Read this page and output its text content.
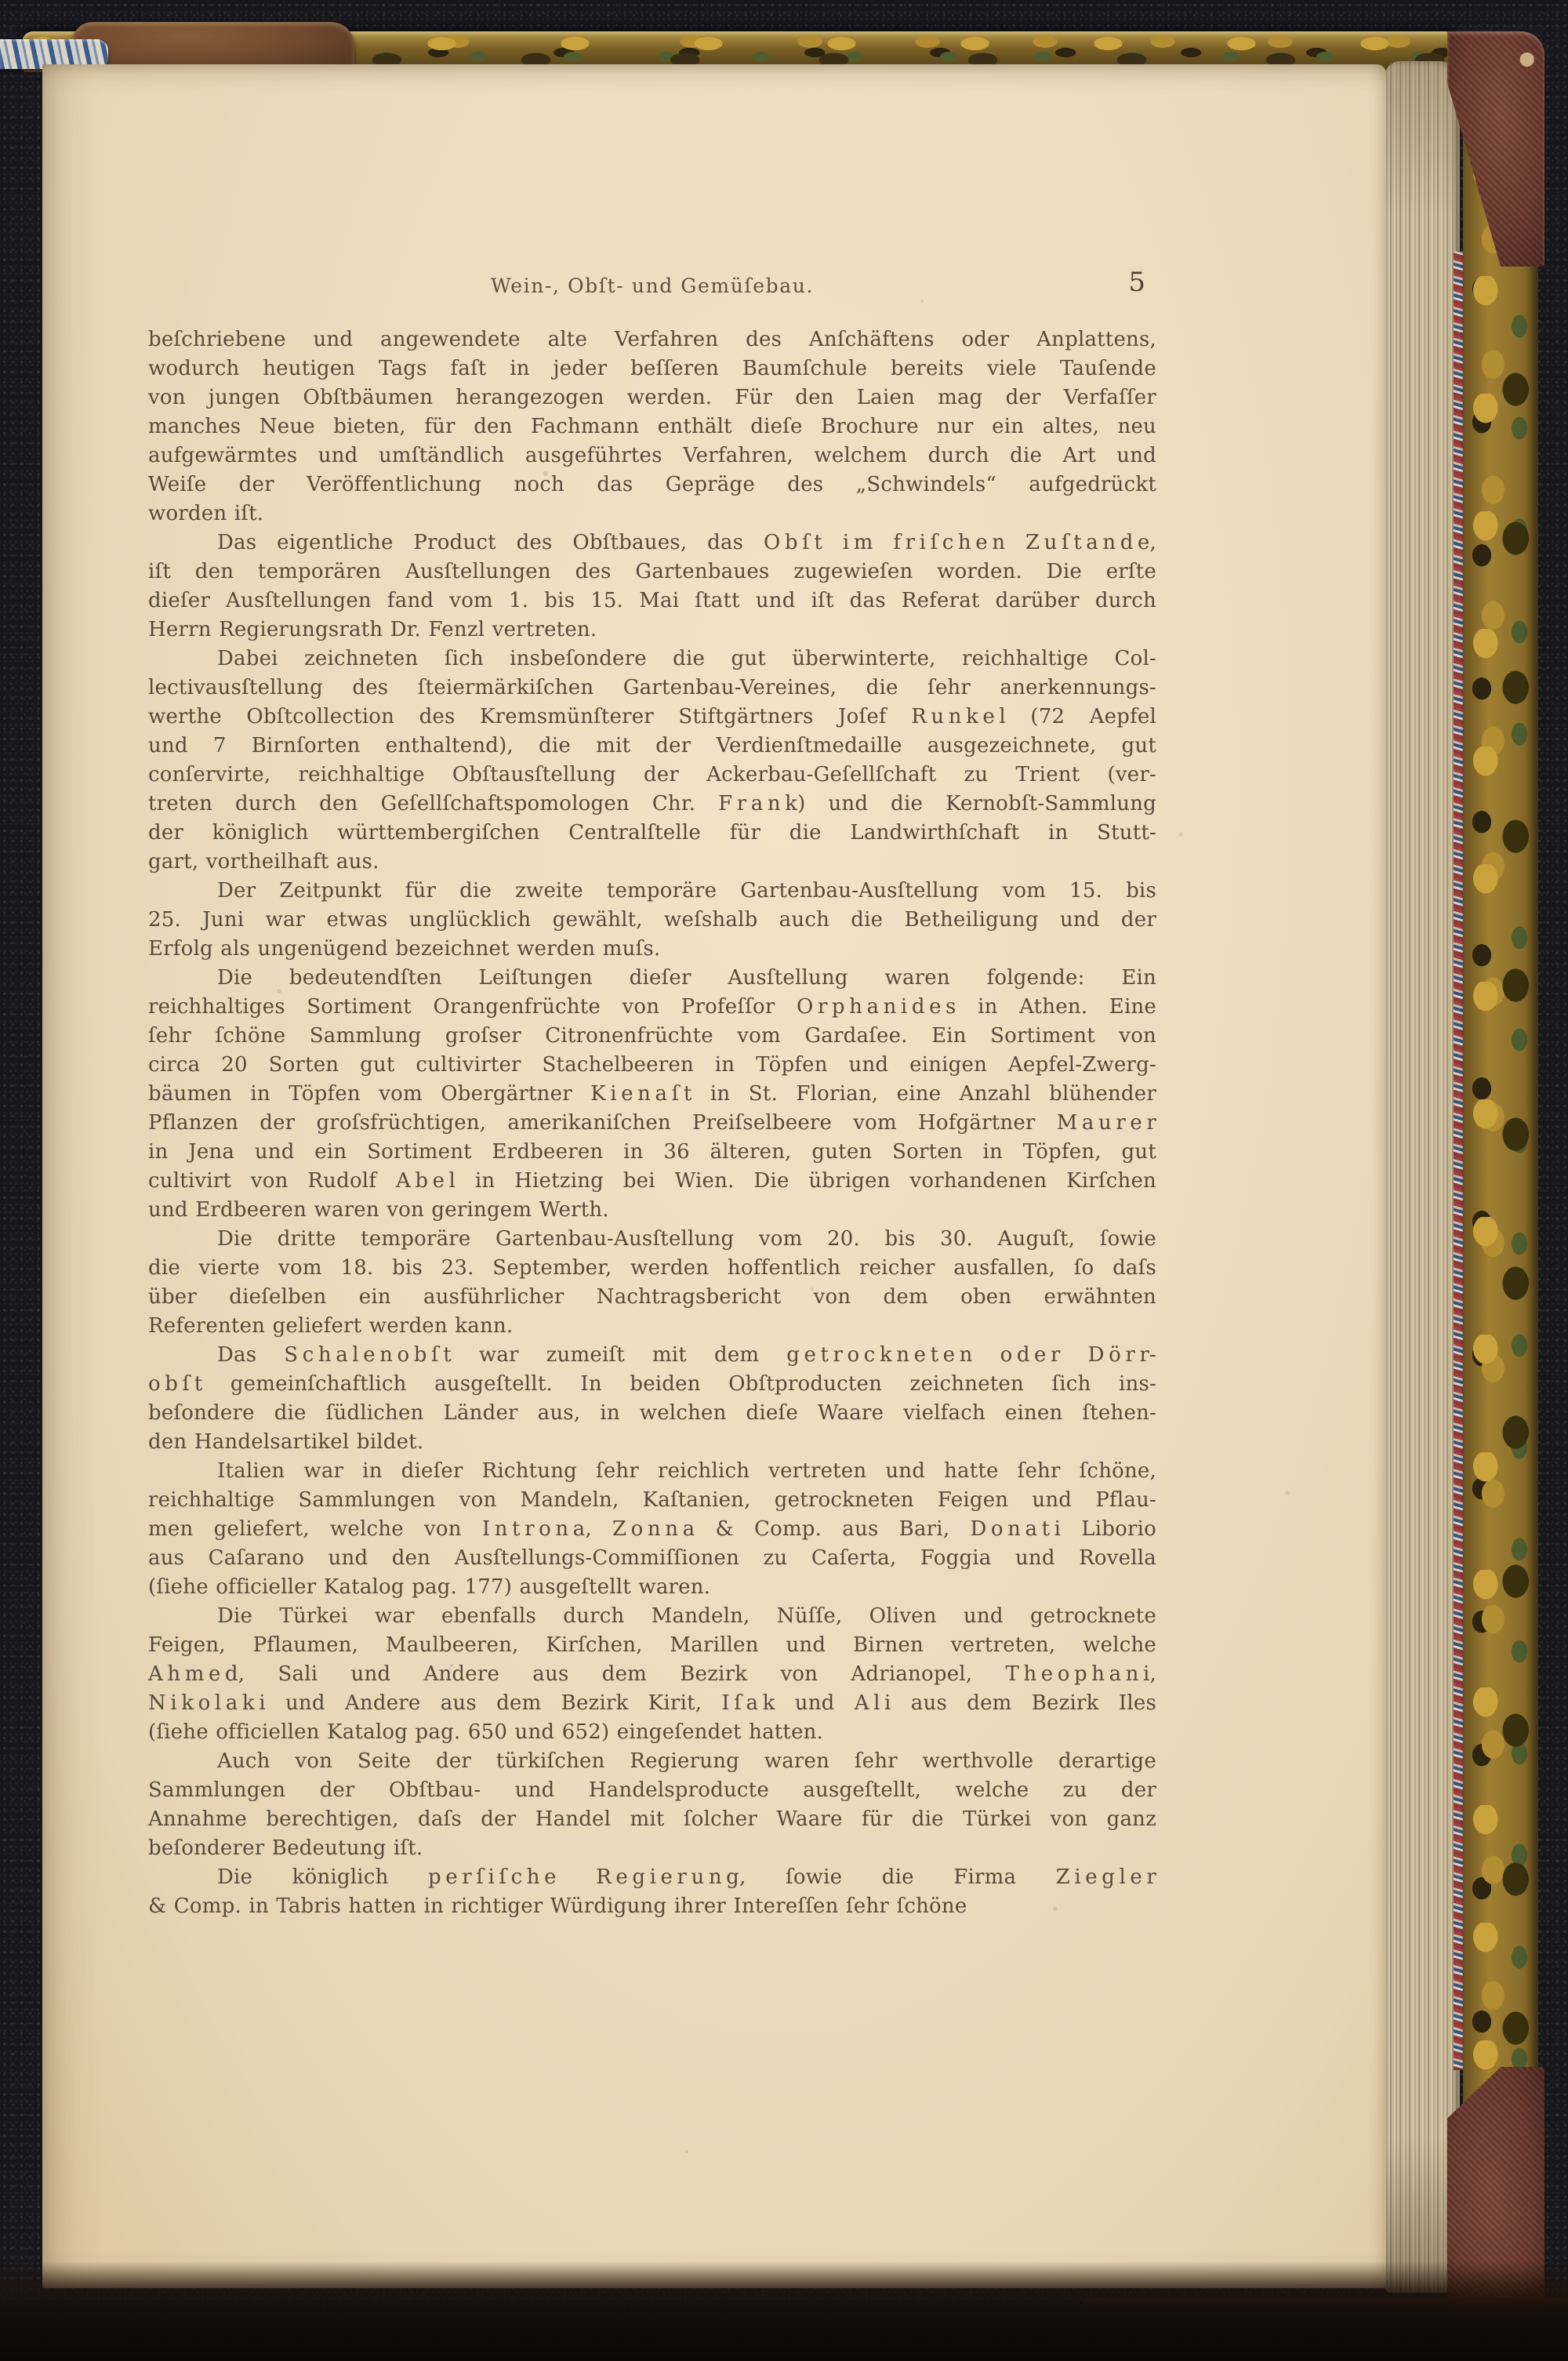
Wein-, Obſt- und Gemüſebau.	5
beſchriebene und angewendete alte Verfahren des Anſchäftens oder Anplattens,
wodurch heutigen Tags faſt in jeder beſſeren Baumſchule bereits viele Tauſende
von jungen Obſtbäumen herangezogen werden. Für den Laien mag der Verfaſſer
manches Neue bieten, für den Fachmann enthält dieſe Brochure nur ein altes, neu
aufgewärmtes und umſtändlich ausgeführtes Verfahren, welchem durch die Art und
Weiſe der Veröffentlichung noch das Gepräge des „Schwindels“ aufgedrückt
worden iſt.
Das eigentliche Product des Obſtbaues, das O b ſ t i m f r i ſ c h e n Z u ſ t a n d e,
iſt den temporären Ausſtellungen des Gartenbaues zugewieſen worden. Die erſte
dieſer Ausſtellungen fand vom 1. bis 15. Mai ſtatt und iſt das Referat darüber durch
Herrn Regierungsrath Dr. Fenzl vertreten.
Dabei zeichneten ſich insbeſondere die gut überwinterte, reichhaltige Col-
lectivausſtellung des ſteiermärkiſchen Gartenbau-Vereines, die ſehr anerkennungs-
werthe Obſtcollection des Kremsmünſterer Stiftgärtners Joſef R u n k e l (72 Aepfel
und 7 Birnſorten enthaltend), die mit der Verdienſtmedaille ausgezeichnete, gut
conſervirte, reichhaltige Obſtausſtellung der Ackerbau-Geſellſchaft zu Trient (ver-
treten durch den Geſellſchaftspomologen Chr. F r a n k) und die Kernobſt-Sammlung
der königlich württembergiſchen Centralſtelle für die Landwirthſchaft in Stutt-
gart, vortheilhaft aus.
Der Zeitpunkt für die zweite temporäre Gartenbau-Ausſtellung vom 15. bis
25. Juni war etwas unglücklich gewählt, weſshalb auch die Betheiligung und der
Erfolg als ungenügend bezeichnet werden muſs.
Die bedeutendſten Leiſtungen dieſer Ausſtellung waren folgende: Ein
reichhaltiges Sortiment Orangenfrüchte von Profeſſor O r p h a n i d e s in Athen. Eine
ſehr ſchöne Sammlung groſser Citronenfrüchte vom Gardaſee. Ein Sortiment von
circa 20 Sorten gut cultivirter Stachelbeeren in Töpfen und einigen Aepfel-Zwerg-
bäumen in Töpfen vom Obergärtner K i e n a ſ t in St. Florian, eine Anzahl blühender
Pflanzen der groſsfrüchtigen, amerikaniſchen Preiſselbeere vom Hofgärtner M a u r e r
in Jena und ein Sortiment Erdbeeren in 36 älteren, guten Sorten in Töpfen, gut
cultivirt von Rudolf A b e l in Hietzing bei Wien. Die übrigen vorhandenen Kirſchen
und Erdbeeren waren von geringem Werth.
Die dritte temporäre Gartenbau-Ausſtellung vom 20. bis 30. Auguſt, ſowie
die vierte vom 18. bis 23. September, werden hoffentlich reicher ausfallen, ſo daſs
über dieſelben ein ausführlicher Nachtragsbericht von dem oben erwähnten
Referenten geliefert werden kann.
Das S c h a l e n o b ſ t war zumeiſt mit dem g e t r o c k n e t e n o d e r D ö r r-
o b ſ t gemeinſchaftlich ausgeſtellt. In beiden Obſtproducten zeichneten ſich ins-
beſondere die ſüdlichen Länder aus, in welchen dieſe Waare vielfach einen ſtehen-
den Handelsartikel bildet.
Italien war in dieſer Richtung ſehr reichlich vertreten und hatte ſehr ſchöne,
reichhaltige Sammlungen von Mandeln, Kaſtanien, getrockneten Feigen und Pflau-
men geliefert, welche von I n t r o n a, Z o n n a & Comp. aus Bari, D o n a t i Liborio
aus Caſarano und den Ausſtellungs-Commiſſionen zu Caſerta, Foggia und Rovella
(ſiehe officieller Katalog pag. 177) ausgeſtellt waren.
Die Türkei war ebenfalls durch Mandeln, Nüſſe, Oliven und getrocknete
Feigen, Pflaumen, Maulbeeren, Kirſchen, Marillen und Birnen vertreten, welche
A h m e d, Sali und Andere aus dem Bezirk von Adrianopel, T h e o p h a n i,
N i k o l a k i und Andere aus dem Bezirk Kirit, I ſ a k und A l i aus dem Bezirk Iles
(ſiehe officiellen Katalog pag. 650 und 652) eingeſendet hatten.
Auch von Seite der türkiſchen Regierung waren ſehr werthvolle derartige
Sammlungen der Obſtbau- und Handelsproducte ausgeſtellt, welche zu der
Annahme berechtigen, daſs der Handel mit ſolcher Waare für die Türkei von ganz
beſonderer Bedeutung iſt.
Die königlich p e r ſ i ſ c h e R e g i e r u n g, ſowie die Firma Z i e g l e r
& Comp. in Tabris hatten in richtiger Würdigung ihrer Intereſſen ſehr ſchöne
